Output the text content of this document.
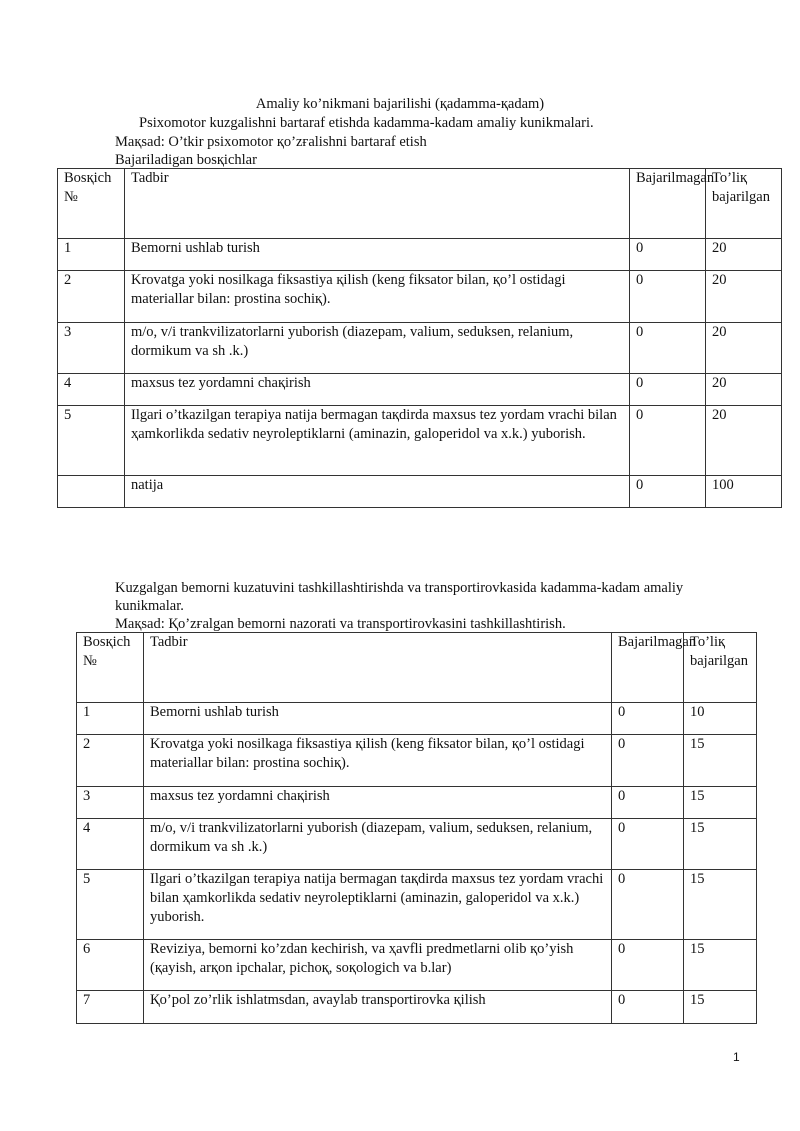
Amaliy ko’nikmani bajarilishi (қadamma-қadam)
Psixomotor kuzgalishni bartaraf etishda kadamma-kadam amaliy kunikmalari.
Maқsad: O’tkir psixomotor қo’zғalishni bartaraf etish
Bajariladigan bosқichlar
Bosқich №	Tadbir	Bajarilmagan	To’liқ bajarilgan
1	Bemorni ushlab turish	0	20
2	Krovatga yoki nosilkaga fiksastiya қilish (keng fiksator bilan, қo’l ostidagi materiallar bilan: prostina sochiқ).	0	20
3	m/o, v/i trankvilizatorlarni yuborish (diazepam, valium, seduksen, relanium, dormikum va sh .k.)	0	20
4	maxsus tez yordamni chaқirish	0	20
5	Ilgari o’tkazilgan terapiya natija bermagan taқdirda maxsus tez yordam vrachi bilan ҳamkorlikda sedativ neyroleptiklarni (aminazin, galoperidol va x.k.) yuborish.	0	20
	natija	0	100
Kuzgalgan bemorni kuzatuvini tashkillashtirishda va transportirovkasida kadamma-kadam amaliy kunikmalar.
Maқsad: Қo’zғalgan bemorni nazorati va transportirovkasini tashkillashtirish.
Bosқich №	Tadbir	Bajarilmagan	To’liқ bajarilgan
1	Bemorni ushlab turish	0	10
2	Krovatga yoki nosilkaga fiksastiya қilish (keng fiksator bilan, қo’l ostidagi materiallar bilan: prostina sochiқ).	0	15
3	maxsus tez yordamni chaқirish	0	15
4	m/o, v/i trankvilizatorlarni yuborish (diazepam, valium, seduksen, relanium, dormikum va sh .k.)	0	15
5	Ilgari o’tkazilgan terapiya natija bermagan taқdirda maxsus tez yordam vrachi bilan ҳamkorlikda sedativ neyroleptiklarni (aminazin, galoperidol va x.k.) yuborish.	0	15
6	Reviziya, bemorni ko’zdan kechirish, va ҳavfli predmetlarni olib қo’yish (қayish, arқon ipchalar, pichoқ, soқologich va b.lar)	0	15
7	Қo’pol zo’rlik ishlatmsdan, avaylab transportirovka қilish	0	15
1
